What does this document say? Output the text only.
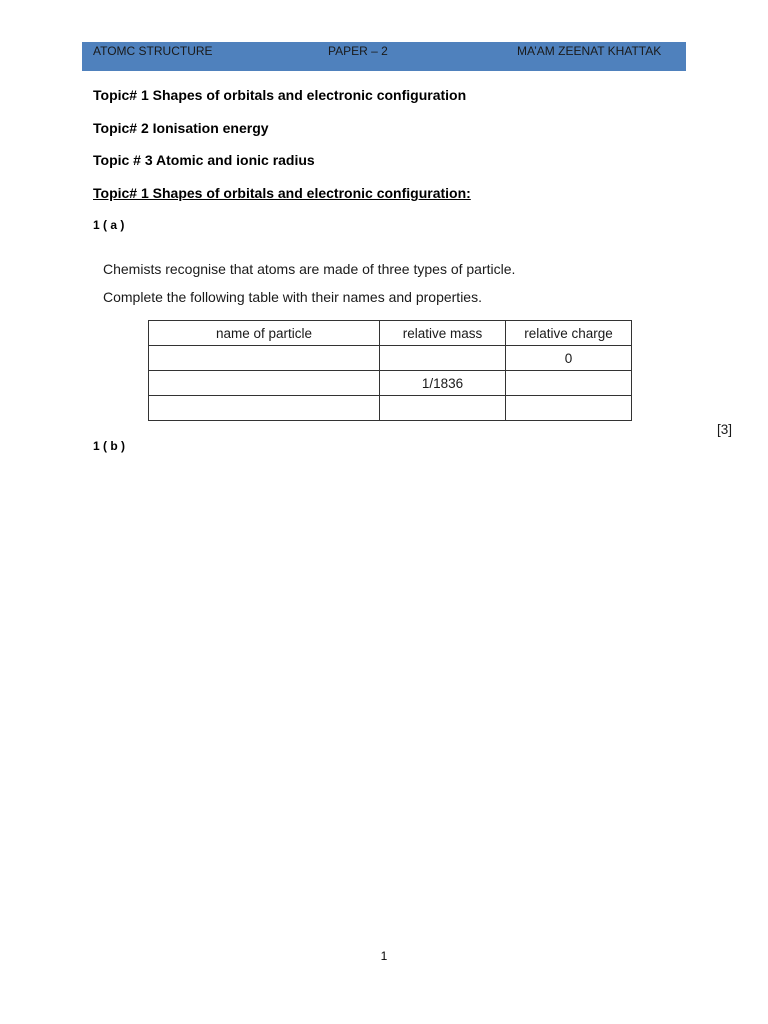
ATOMC STRUCTURE	PAPER – 2	MA’AM ZEENAT KHATTAK
Topic# 1 Shapes of orbitals and electronic configuration
Topic# 2 Ionisation energy
Topic # 3 Atomic and ionic radius
Topic# 1 Shapes of orbitals and electronic configuration:
1 ( a )
Chemists recognise that atoms are made of three types of particle.
Complete the following table with their names and properties.
name of particle	relative mass	relative charge
		0
	1/1836	

[3]
1 ( b )
1
